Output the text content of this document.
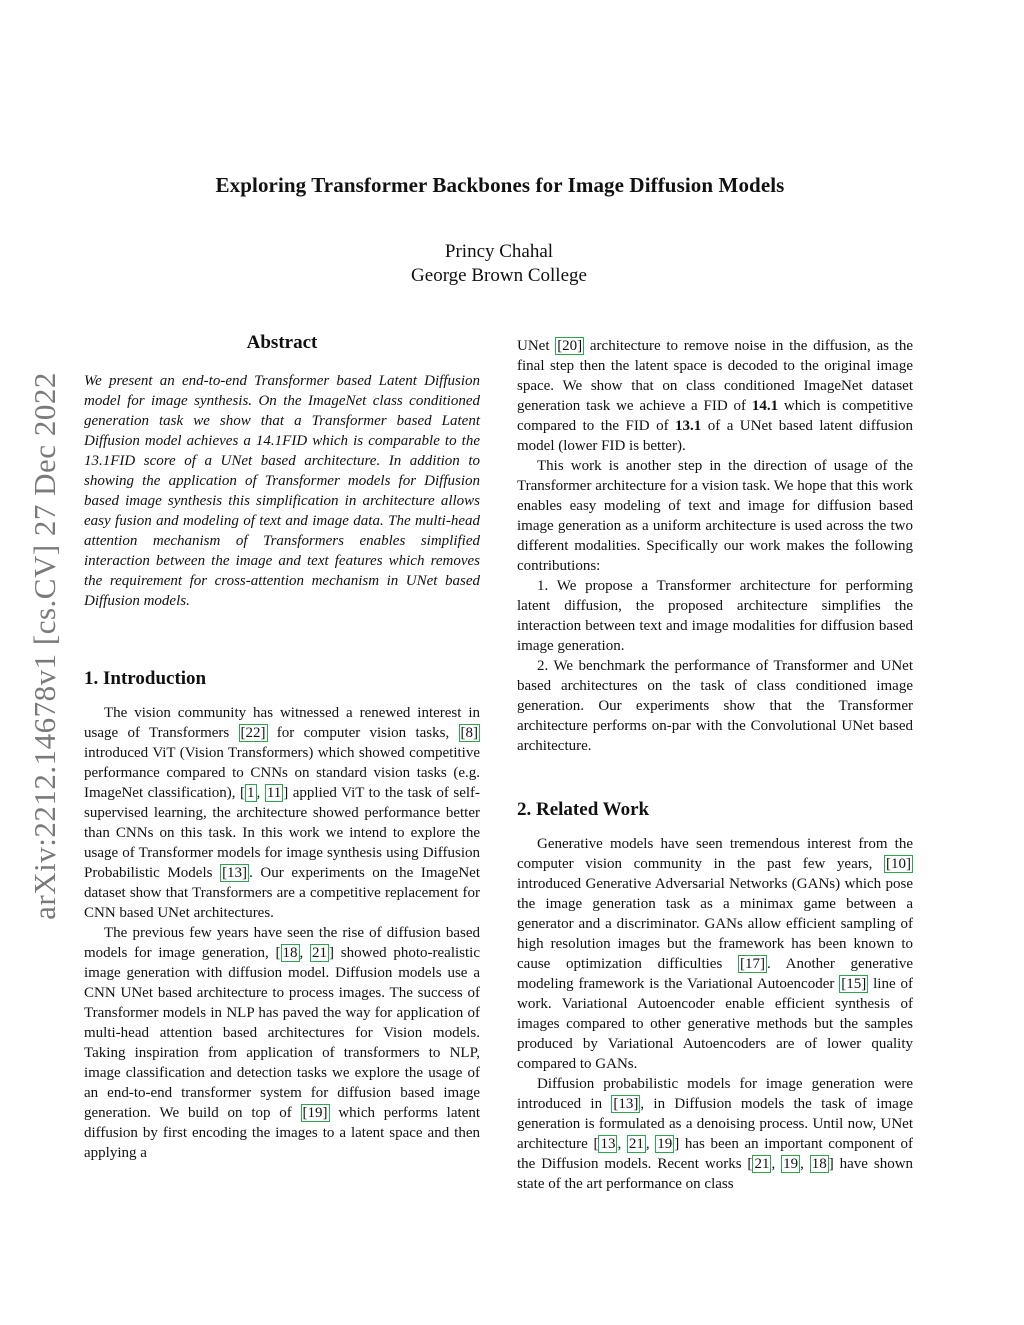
Exploring Transformer Backbones for Image Diffusion Models
Princy Chahal
George Brown College
arXiv:2212.14678v1 [cs.CV] 27 Dec 2022
Abstract

We present an end-to-end Transformer based Latent Diffusion model for image synthesis. On the ImageNet class conditioned generation task we show that a Transformer based Latent Diffusion model achieves a 14.1FID which is comparable to the 13.1FID score of a UNet based architecture. In addition to showing the application of Transformer models for Diffusion based image synthesis this simplification in architecture allows easy fusion and modeling of text and image data. The multi-head attention mechanism of Transformers enables simplified interaction between the image and text features which removes the requirement for cross-attention mechanism in UNet based Diffusion models.

1. Introduction

The vision community has witnessed a renewed interest in usage of Transformers [22] for computer vision tasks, [8] introduced ViT (Vision Transformers) which showed competitive performance compared to CNNs on standard vision tasks (e.g. ImageNet classification), [ 1 , 11 ] applied ViT to the task of self-supervised learning, the architecture showed performance better than CNNs on this task. In this work we intend to explore the usage of Transformer models for image synthesis using Diffusion Probabilistic Models [13] . Our experiments on the ImageNet dataset show that Transformers are a competitive replacement for CNN based UNet architectures.

The previous few years have seen the rise of diffusion based models for image generation, [ 18 , 21 ] showed photo-realistic image generation with diffusion model. Diffusion models use a CNN UNet based architecture to process images. The success of Transformer models in NLP has paved the way for application of multi-head attention based architectures for Vision models. Taking inspiration from application of transformers to NLP, image classification and detection tasks we explore the usage of an end-to-end transformer system for diffusion based image generation. We build on top of [19] which performs latent diffusion by first encoding the images to a latent space and then applying a

UNet [20] architecture to remove noise in the diffusion, as the final step then the latent space is decoded to the original image space. We show that on class conditioned ImageNet dataset generation task we achieve a FID of 14.1 which is competitive compared to the FID of 13.1 of a UNet based latent diffusion model (lower FID is better).

This work is another step in the direction of usage of the Transformer architecture for a vision task. We hope that this work enables easy modeling of text and image for diffusion based image generation as a uniform architecture is used across the two different modalities. Specifically our work makes the following contributions:

1. We propose a Transformer architecture for performing latent diffusion, the proposed architecture simplifies the interaction between text and image modalities for diffusion based image generation.

2. We benchmark the performance of Transformer and UNet based architectures on the task of class conditioned image generation. Our experiments show that the Transformer architecture performs on-par with the Convolutional UNet based architecture.

2. Related Work

Generative models have seen tremendous interest from the computer vision community in the past few years, [10] introduced Generative Adversarial Networks (GANs) which pose the image generation task as a minimax game between a generator and a discriminator. GANs allow efficient sampling of high resolution images but the framework has been known to cause optimization difficulties [17] . Another generative modeling framework is the Variational Autoencoder [15] line of work. Variational Autoencoder enable efficient synthesis of images compared to other generative methods but the samples produced by Variational Autoencoders are of lower quality compared to GANs.

Diffusion probabilistic models for image generation were introduced in [13] , in Diffusion models the task of image generation is formulated as a denoising process. Until now, UNet architecture [ 13 , 21 , 19 ] has been an important component of the Diffusion models. Recent works [ 21 , 19 , 18 ] have shown state of the art performance on class
